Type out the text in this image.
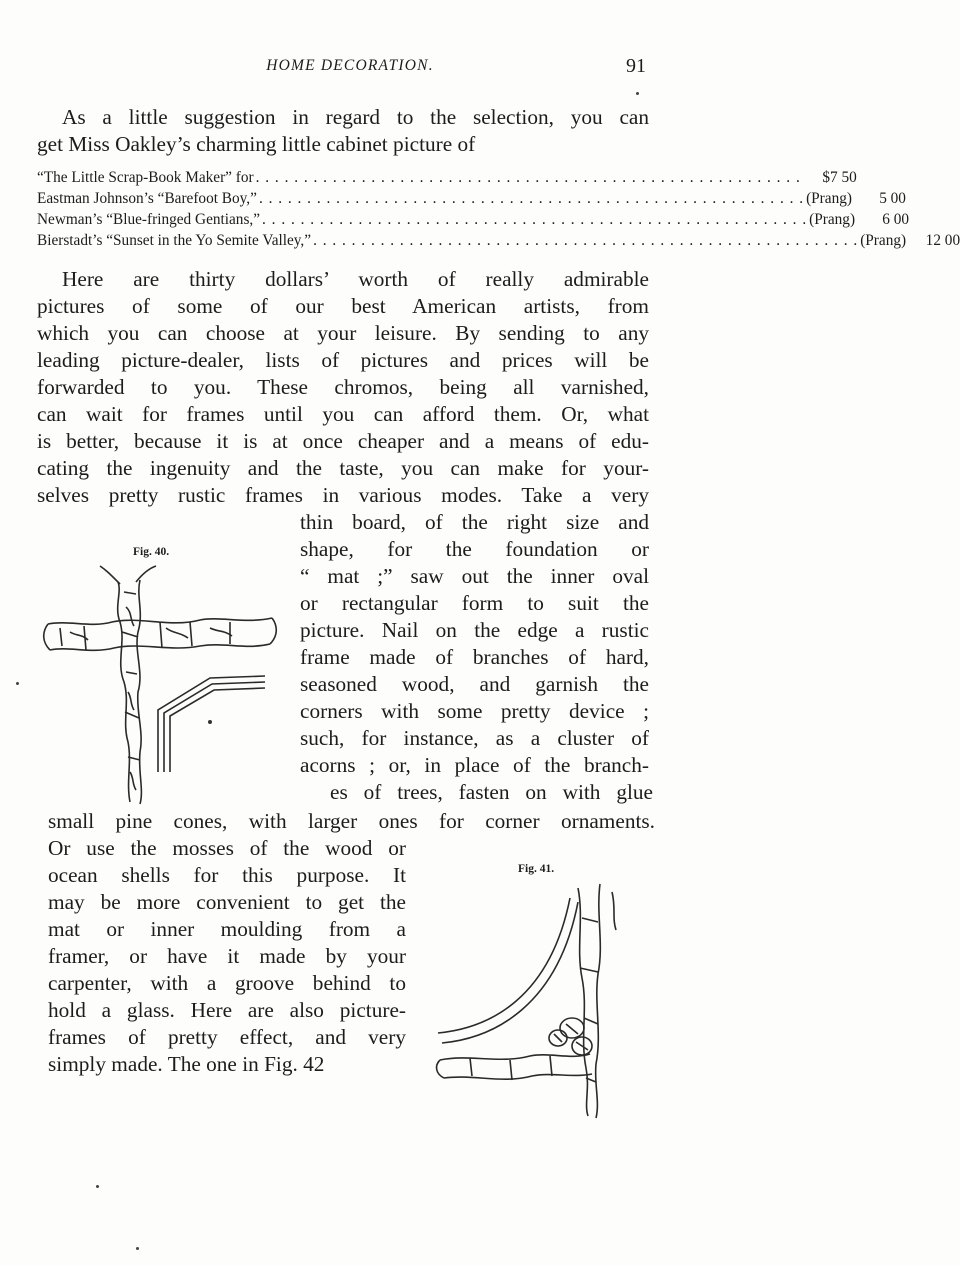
HOME DECORATION.	91
As a little suggestion in regard to the selection, you can
get Miss Oakley’s charming little cabinet picture of
“The Little Scrap-Book Maker” for . . . . . . . . . . . . . . . . . . . . . . . . . . . . . . . . . . . . . . . . . . . . . . . . . . . . . . . . .	$7 50
Eastman Johnson’s “Barefoot Boy,” . . . . . . . . . . . . . . . . . . . . . . . . . . . . . . . . . . . . . . . . . . . . . . . . . . . . . . . . . (Prang)	5 00
Newman’s “Blue-fringed Gentians,” . . . . . . . . . . . . . . . . . . . . . . . . . . . . . . . . . . . . . . . . . . . . . . . . . . . . . . . . . (Prang)	6 00
Bierstadt’s “Sunset in the Yo Semite Valley,” . . . . . . . . . . . . . . . . . . . . . . . . . . . . . . . . . . . . . . . . . . . . . . . . . . . . . . . . . (Prang)	12 00
Here are thirty dollars’ worth of really admirable
pictures of some of our best American artists, from
which you can choose at your leisure. By sending to any
leading picture-dealer, lists of pictures and prices will be
forwarded to you. These chromos, being all varnished,
can wait for frames until you can afford them. Or, what
is better, because it is at once cheaper and a means of edu-
cating the ingenuity and the taste, you can make for your-
selves pretty rustic frames in various modes. Take a very
thin board, of the right size and
shape, for the foundation or
“ mat ;” saw out the inner oval
or rectangular form to suit the
picture. Nail on the edge a rustic
frame made of branches of hard,
seasoned wood, and garnish the
corners with some pretty device ;
such, for instance, as a cluster of
acorns ; or, in place of the branch-
es of trees, fasten on with glue
small pine cones, with larger ones for corner ornaments.
Or use the mosses of the wood or
ocean shells for this purpose. It
may be more convenient to get the
mat or inner moulding from a
framer, or have it made by your
carpenter, with a groove behind to
hold a glass. Here are also picture-
frames of pretty effect, and very
simply made. The one in Fig. 42
Fig. 40.
Fig. 41.
